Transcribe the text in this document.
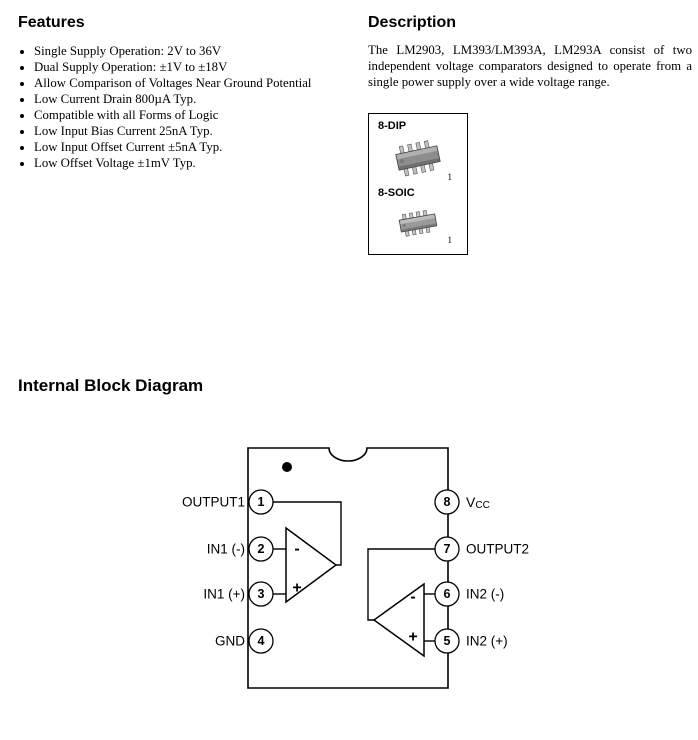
Features
• Single Supply Operation: 2V to 36V
• Dual Supply Operation: ±1V to ±18V
• Allow Comparison of Voltages Near Ground Potential
• Low Current Drain 800µA Typ.
• Compatible with all Forms of Logic
• Low Input Bias Current 25nA Typ.
• Low Input Offset Current ±5nA Typ.
• Low Offset Voltage ±1mV Typ.
Description

The LM2903, LM393/LM393A, LM293A consist of two independent voltage comparators designed to operate from a single power supply over a wide voltage range.

8-DIP
1
8-SOIC
1
Internal Block Diagram
-
+
-
+
1
2
3
4
8
7
6
5
OUTPUT1
IN1 (-)
IN1 (+)
GND
$V_{CC}$
OUTPUT2
IN2 (-)
IN2 (+)
